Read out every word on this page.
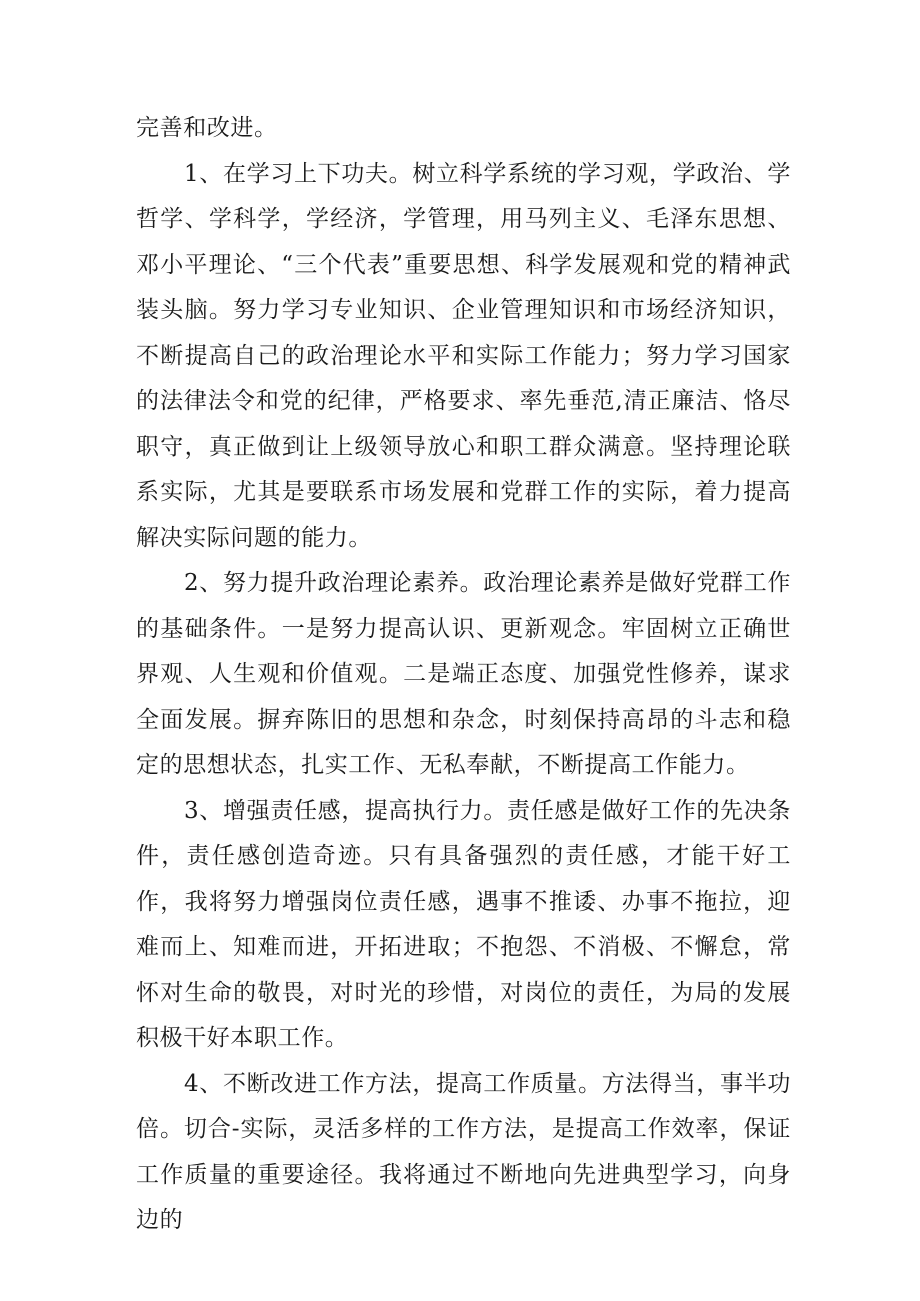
完善和改进。

1、在学习上下功夫。树立科学系统的学习观，学政治、学哲学、学科学，学经济，学管理，用马列主义、毛泽东思想、邓小平理论、“三个代表”重要思想、科学发展观和党的精神武装头脑。努力学习专业知识、企业管理知识和市场经济知识，不断提高自己的政治理论水平和实际工作能力；努力学习国家的法律法令和党的纪律，严格要求、率先垂范,清正廉洁、恪尽职守，真正做到让上级领导放心和职工群众满意。坚持理论联系实际，尤其是要联系市场发展和党群工作的实际，着力提高解决实际问题的能力。

2、努力提升政治理论素养。政治理论素养是做好党群工作的基础条件。一是努力提高认识、更新观念。牢固树立正确世界观、人生观和价值观。二是端正态度、加强党性修养，谋求全面发展。摒弃陈旧的思想和杂念，时刻保持高昂的斗志和稳定的思想状态，扎实工作、无私奉献，不断提高工作能力。

3、增强责任感，提高执行力。责任感是做好工作的先决条件，责任感创造奇迹。只有具备强烈的责任感，才能干好工作，我将努力增强岗位责任感，遇事不推诿、办事不拖拉，迎难而上、知难而进，开拓进取；不抱怨、不消极、不懈怠，常怀对生命的敬畏，对时光的珍惜，对岗位的责任，为局的发展积极干好本职工作。

4、不断改进工作方法，提高工作质量。方法得当，事半功倍。切合-实际，灵活多样的工作方法，是提高工作效率，保证工作质量的重要途径。我将通过不断地向先进典型学习，向身边的
